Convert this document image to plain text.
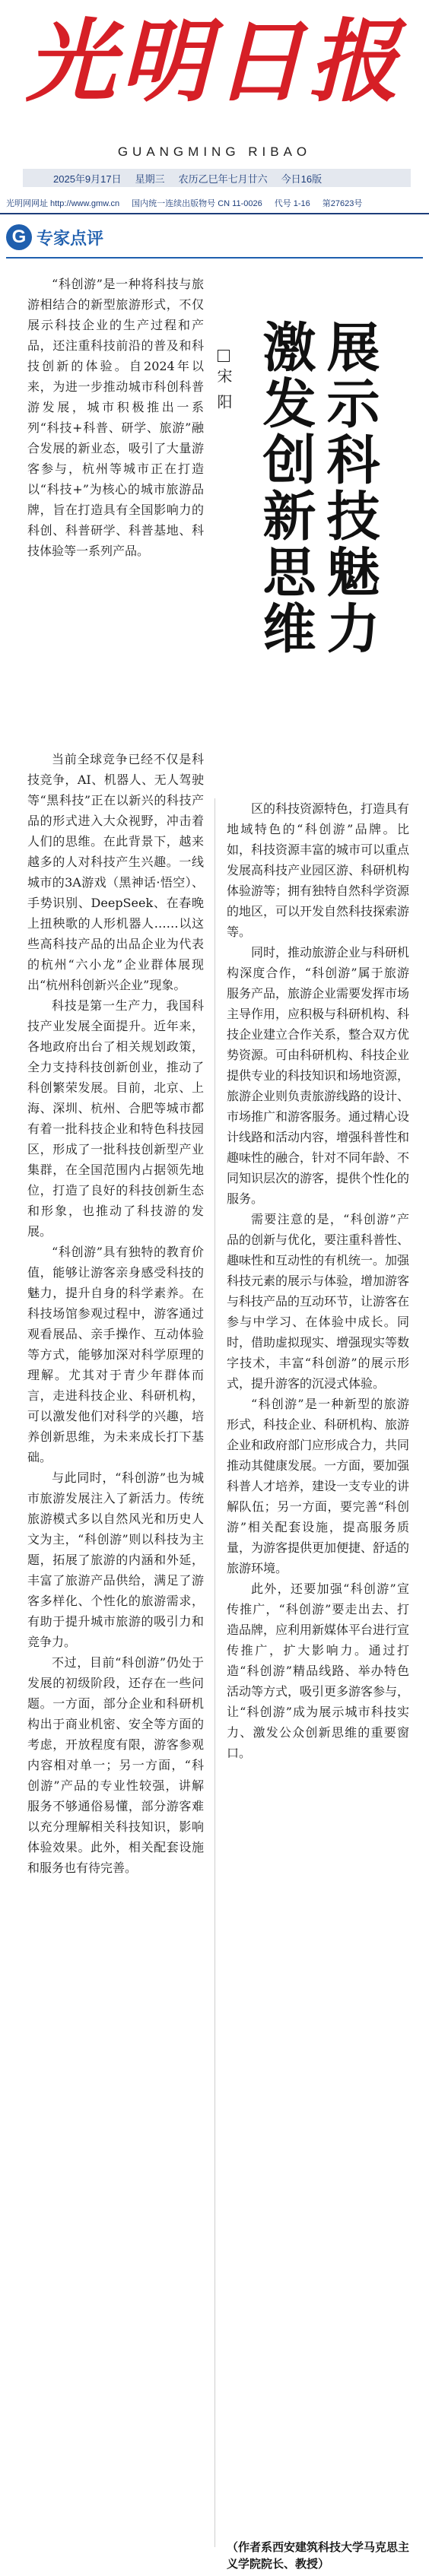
光明日报
GUANGMING RIBAO
2025年9月17日 星期三 农历乙巳年七月廿六 今日16版
光明网网址 http://www.gmw.cn 国内统一连续出版物号 CN 11-0026 代号 1-16 第27623号
G 专家点评
展示科技魅力
激发创新思维
宋阳

“科创游”是一种将科技与旅游相结合的新型旅游形式，不仅展示科技企业的生产过程和产品，还注重科技前沿的普及和科技创新的体验。自2024年以来，为进一步推动城市科创科普游发展，城市积极推出一系列“科技+科普、研学、旅游”融合发展的新业态，吸引了大量游客参与，杭州等城市正在打造以“科技+”为核心的城市旅游品牌，旨在打造具有全国影响力的科创、科普研学、科普基地、科技体验等一系列产品。

当前全球竞争已经不仅是科技竞争，AI、机器人、无人驾驶等“黑科技”正在以新兴的科技产品的形式进入大众视野，冲击着人们的思维。在此背景下，越来越多的人对科技产生兴趣。一线城市的3A游戏（黑神话·悟空）、手势识别、DeepSeek、在春晚上扭秧歌的人形机器人……以这些高科技产品的出品企业为代表的杭州“六小龙”企业群体展现出“杭州科创新兴企业”现象。

科技是第一生产力，我国科技产业发展全面提升。近年来，各地政府出台了相关规划政策，全力支持科技创新创业，推动了科创繁荣发展。目前，北京、上海、深圳、杭州、合肥等城市都有着一批科技企业和特色科技园区，形成了一批科技创新型产业集群，在全国范围内占据领先地位，打造了良好的科技创新生态和形象，也推动了科技游的发展。

“科创游”具有独特的教育价值，能够让游客亲身感受科技的魅力，提升自身的科学素养。在科技场馆参观过程中，游客通过观看展品、亲手操作、互动体验等方式，能够加深对科学原理的理解。尤其对于青少年群体而言，走进科技企业、科研机构，可以激发他们对科学的兴趣，培养创新思维，为未来成长打下基础。

与此同时，“科创游”也为城市旅游发展注入了新活力。传统旅游模式多以自然风光和历史人文为主，“科创游”则以科技为主题，拓展了旅游的内涵和外延，丰富了旅游产品供给，满足了游客多样化、个性化的旅游需求，有助于提升城市旅游的吸引力和竞争力。

不过，目前“科创游”仍处于发展的初级阶段，还存在一些问题。一方面，部分企业和科研机构出于商业机密、安全等方面的考虑，开放程度有限，游客参观内容相对单一；另一方面，“科创游”产品的专业性较强，讲解服务不够通俗易懂，部分游客难以充分理解相关科技知识，影响体验效果。此外，相关配套设施和服务也有待完善。

区的科技资源特色，打造具有地域特色的“科创游”品牌。比如，科技资源丰富的城市可以重点发展高科技产业园区游、科研机构体验游等；拥有独特自然科学资源的地区，可以开发自然科技探索游等。

同时，推动旅游企业与科研机构深度合作，“科创游”属于旅游服务产品，旅游企业需要发挥市场主导作用，应积极与科研机构、科技企业建立合作关系，整合双方优势资源。可由科研机构、科技企业提供专业的科技知识和场地资源，旅游企业则负责旅游线路的设计、市场推广和游客服务。通过精心设计线路和活动内容，增强科普性和趣味性的融合，针对不同年龄、不同知识层次的游客，提供个性化的服务。

需要注意的是，“科创游”产品的创新与优化，要注重科普性、趣味性和互动性的有机统一。加强科技元素的展示与体验，增加游客与科技产品的互动环节，让游客在参与中学习、在体验中成长。同时，借助虚拟现实、增强现实等数字技术，丰富“科创游”的展示形式，提升游客的沉浸式体验。

“科创游”是一种新型的旅游形式，科技企业、科研机构、旅游企业和政府部门应形成合力，共同推动其健康发展。一方面，要加强科普人才培养，建设一支专业的讲解队伍；另一方面，要完善“科创游”相关配套设施，提高服务质量，为游客提供更加便捷、舒适的旅游环境。

此外，还要加强“科创游”宣传推广，“科创游”要走出去、打造品牌，应利用新媒体平台进行宣传推广，扩大影响力。通过打造“科创游”精品线路、举办特色活动等方式，吸引更多游客参与，让“科创游”成为展示城市科技实力、激发公众创新思维的重要窗口。

（作者系西安建筑科技大学马克思主义学院院长、教授）
